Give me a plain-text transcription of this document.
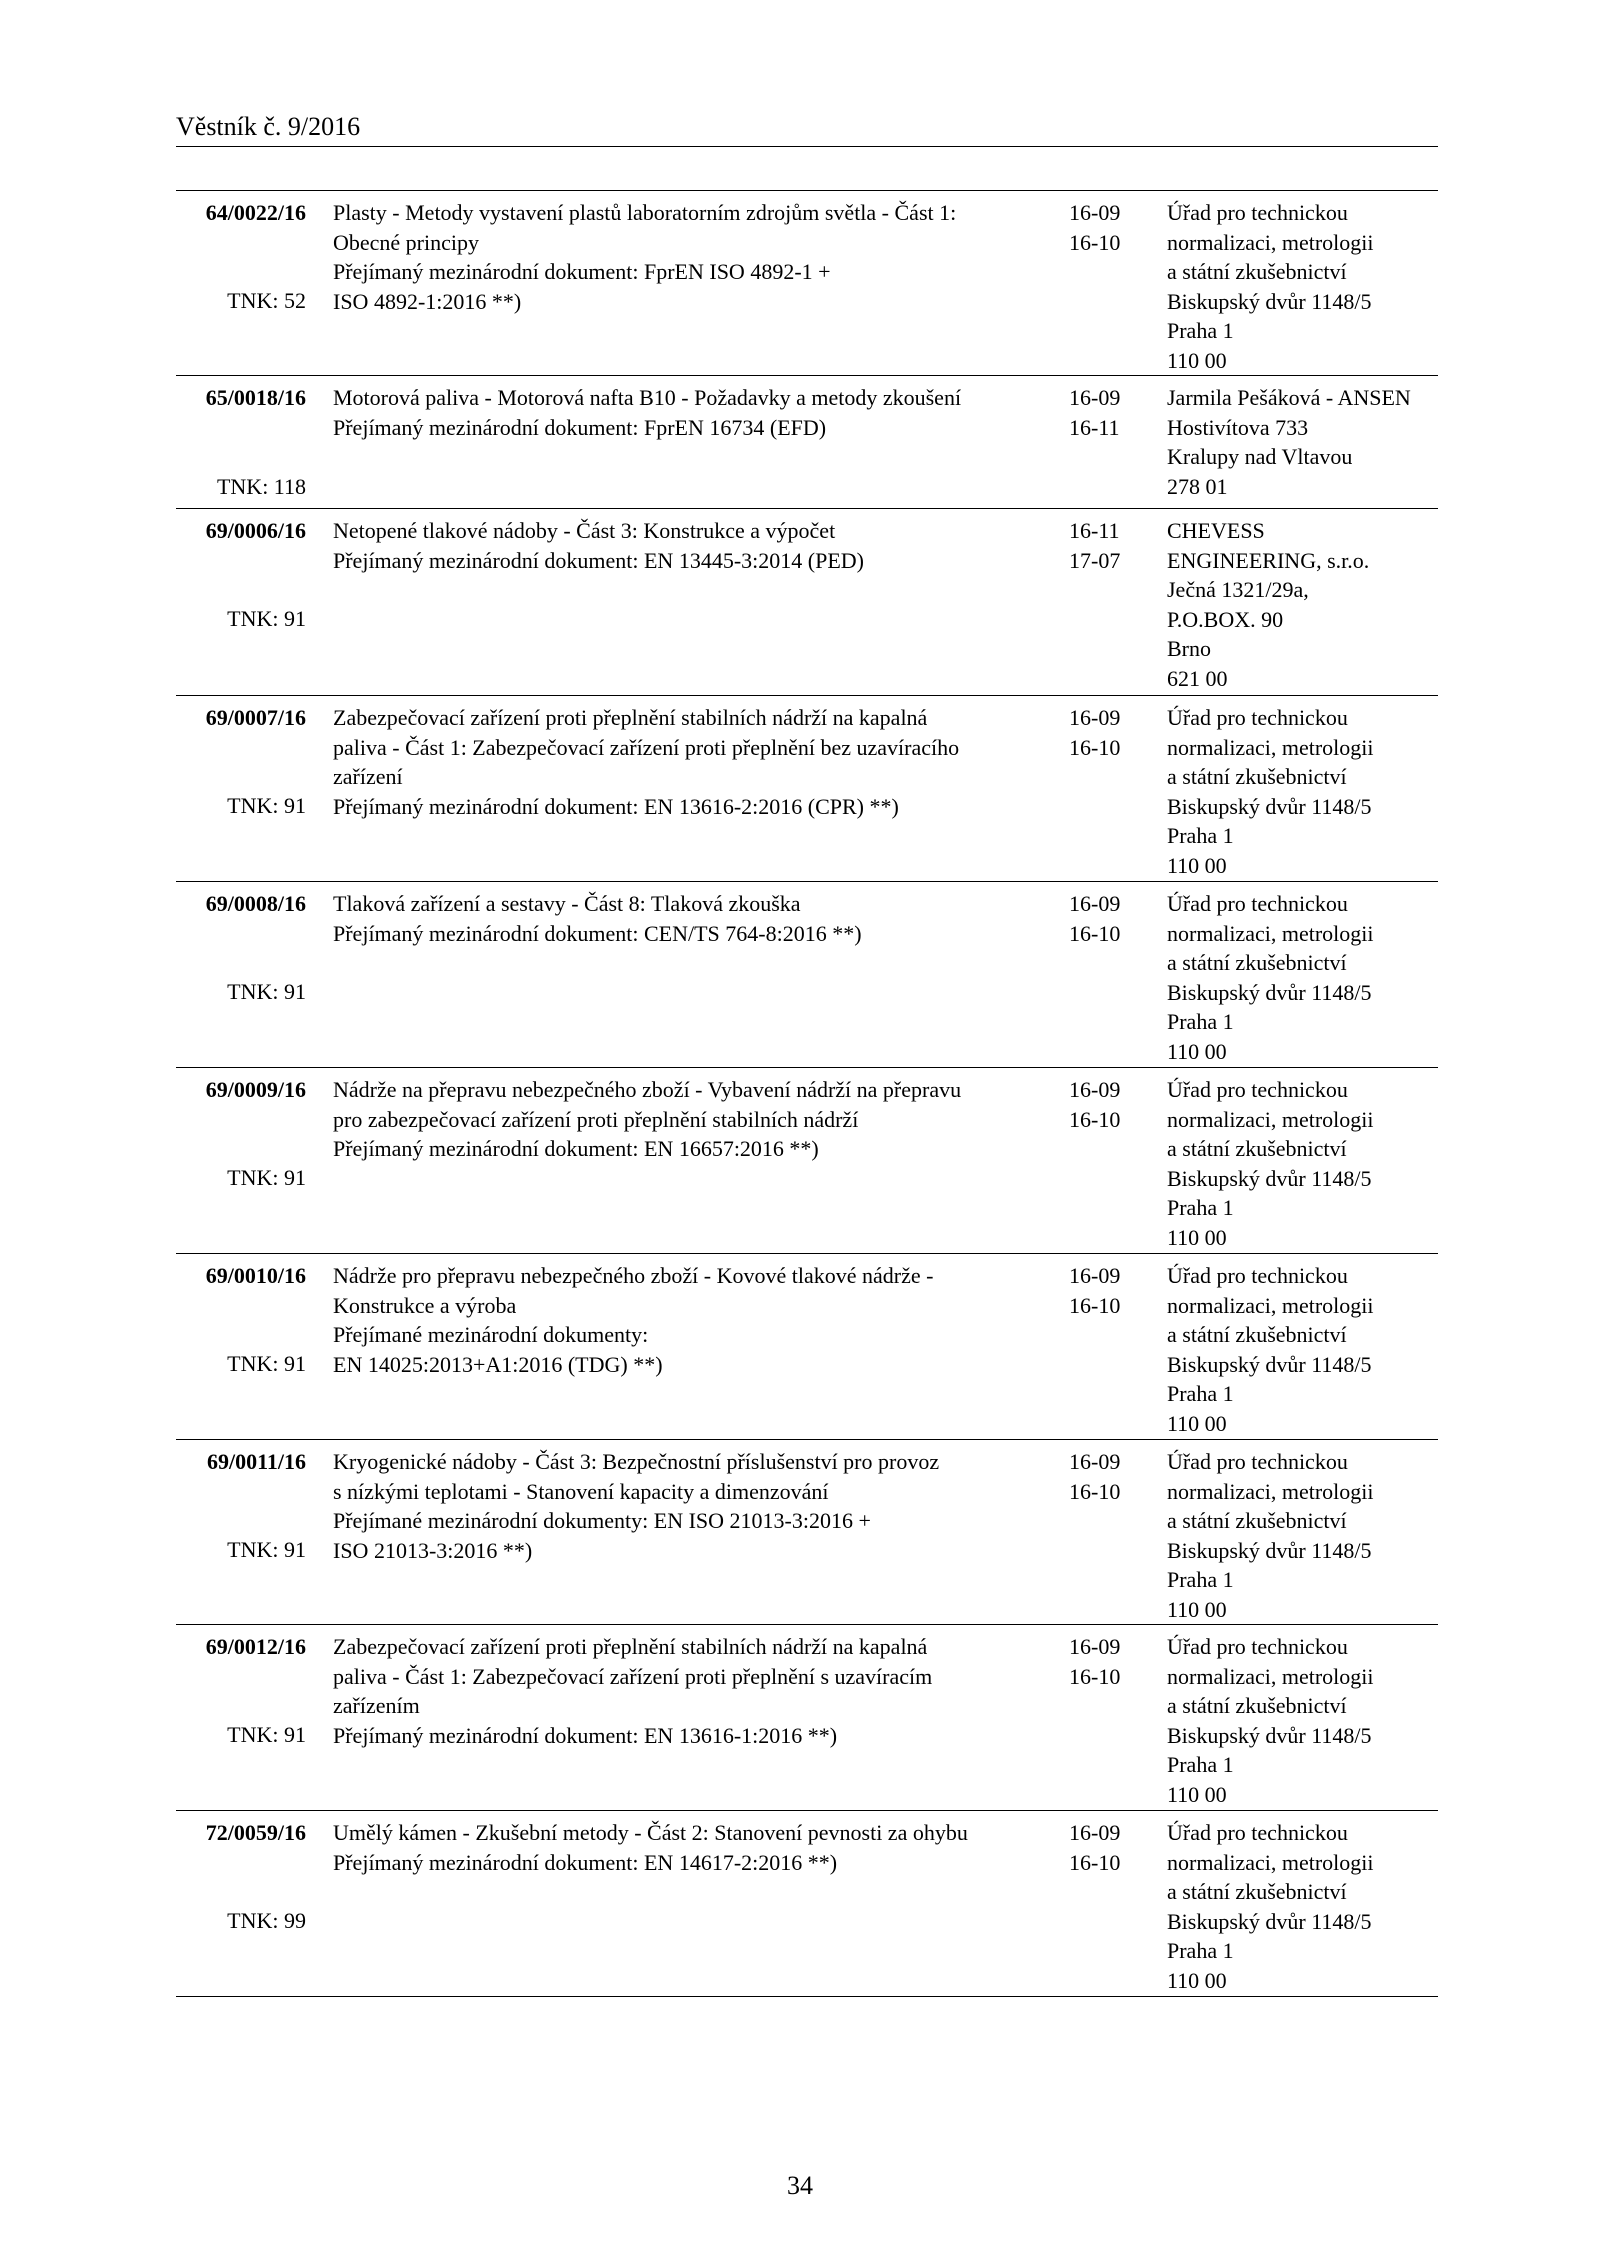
Věstník č. 9/2016
64/0022/16
TNK: 52
Plasty - Metody vystavení plastů laboratorním zdrojům světla - Část 1:
Obecné principy
Přejímaný mezinárodní dokument: FprEN ISO 4892-1 +
ISO 4892-1:2016 **)
16-09
16-10
Úřad pro technickou
normalizaci, metrologii
a státní zkušebnictví
Biskupský dvůr 1148/5
Praha 1
110 00
65/0018/16
TNK: 118
Motorová paliva - Motorová nafta B10 - Požadavky a metody zkoušení
Přejímaný mezinárodní dokument: FprEN 16734 (EFD)
16-09
16-11
Jarmila Pešáková - ANSEN
Hostivítova 733
Kralupy nad Vltavou
278 01
69/0006/16
TNK: 91
Netopené tlakové nádoby - Část 3: Konstrukce a výpočet
Přejímaný mezinárodní dokument: EN 13445-3:2014 (PED)
16-11
17-07
CHEVESS
ENGINEERING, s.r.o.
Ječná 1321/29a,
P.O.BOX. 90
Brno
621 00
69/0007/16
TNK: 91
Zabezpečovací zařízení proti přeplnění stabilních nádrží na kapalná
paliva - Část 1: Zabezpečovací zařízení proti přeplnění bez uzavíracího
zařízení
Přejímaný mezinárodní dokument: EN 13616-2:2016 (CPR) **)
16-09
16-10
Úřad pro technickou
normalizaci, metrologii
a státní zkušebnictví
Biskupský dvůr 1148/5
Praha 1
110 00
69/0008/16
TNK: 91
Tlaková zařízení a sestavy - Část 8: Tlaková zkouška
Přejímaný mezinárodní dokument: CEN/TS 764-8:2016 **)
16-09
16-10
Úřad pro technickou
normalizaci, metrologii
a státní zkušebnictví
Biskupský dvůr 1148/5
Praha 1
110 00
69/0009/16
TNK: 91
Nádrže na přepravu nebezpečného zboží - Vybavení nádrží na přepravu
pro zabezpečovací zařízení proti přeplnění stabilních nádrží
Přejímaný mezinárodní dokument: EN 16657:2016 **)
16-09
16-10
Úřad pro technickou
normalizaci, metrologii
a státní zkušebnictví
Biskupský dvůr 1148/5
Praha 1
110 00
69/0010/16
TNK: 91
Nádrže pro přepravu nebezpečného zboží - Kovové tlakové nádrže -
Konstrukce a výroba
Přejímané mezinárodní dokumenty:
EN 14025:2013+A1:2016 (TDG) **)
16-09
16-10
Úřad pro technickou
normalizaci, metrologii
a státní zkušebnictví
Biskupský dvůr 1148/5
Praha 1
110 00
69/0011/16
TNK: 91
Kryogenické nádoby - Část 3: Bezpečnostní příslušenství pro provoz
s nízkými teplotami - Stanovení kapacity a dimenzování
Přejímané mezinárodní dokumenty: EN ISO 21013-3:2016 +
ISO 21013-3:2016 **)
16-09
16-10
Úřad pro technickou
normalizaci, metrologii
a státní zkušebnictví
Biskupský dvůr 1148/5
Praha 1
110 00
69/0012/16
TNK: 91
Zabezpečovací zařízení proti přeplnění stabilních nádrží na kapalná
paliva - Část 1: Zabezpečovací zařízení proti přeplnění s uzavíracím
zařízením
Přejímaný mezinárodní dokument: EN 13616-1:2016 **)
16-09
16-10
Úřad pro technickou
normalizaci, metrologii
a státní zkušebnictví
Biskupský dvůr 1148/5
Praha 1
110 00
72/0059/16
TNK: 99
Umělý kámen - Zkušební metody - Část 2: Stanovení pevnosti za ohybu
Přejímaný mezinárodní dokument: EN 14617-2:2016 **)
16-09
16-10
Úřad pro technickou
normalizaci, metrologii
a státní zkušebnictví
Biskupský dvůr 1148/5
Praha 1
110 00
34
